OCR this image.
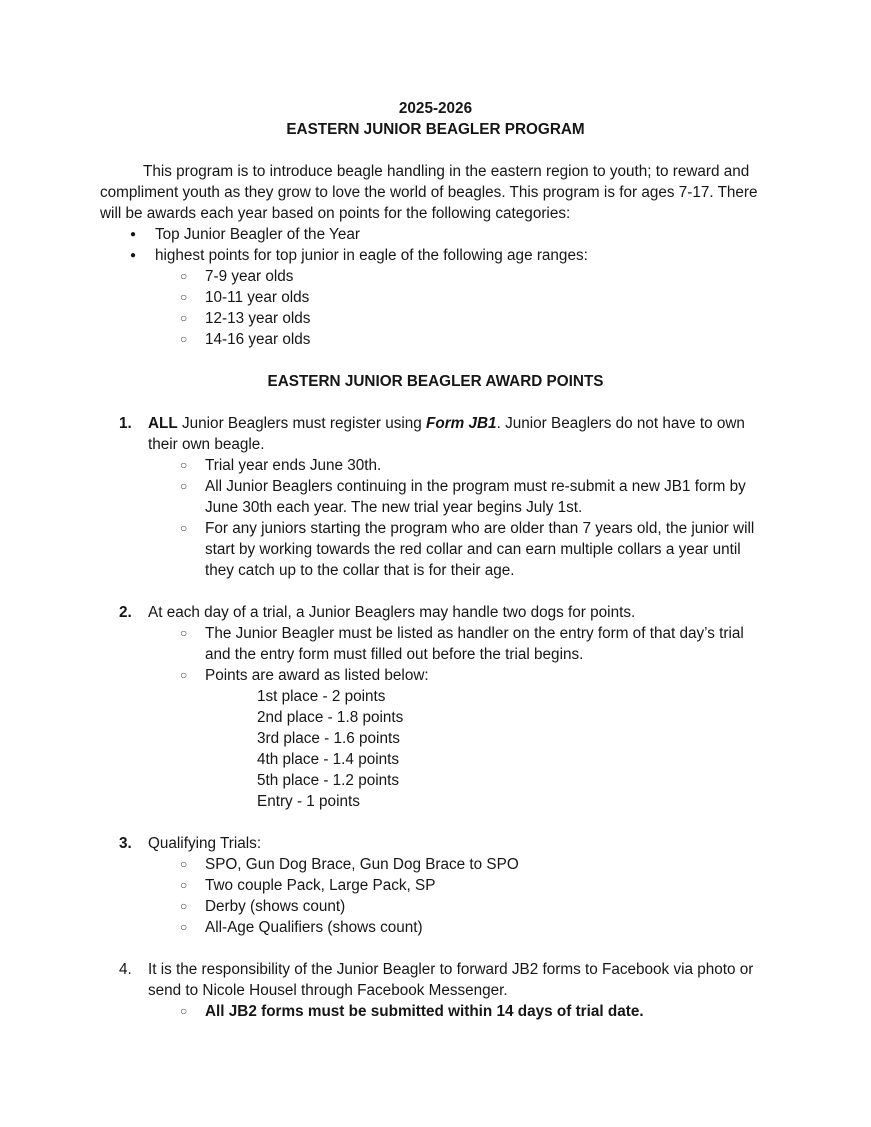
2025-2026
EASTERN JUNIOR BEAGLER PROGRAM
This program is to introduce beagle handling in the eastern region to youth; to reward and compliment youth as they grow to love the world of beagles. This program is for ages 7-17. There will be awards each year based on points for the following categories:
● Top Junior Beagler of the Year
● highest points for top junior in eagle of the following age ranges:
○ 7-9 year olds
○ 10-11 year olds
○ 12-13 year olds
○ 14-16 year olds
EASTERN JUNIOR BEAGLER AWARD POINTS
1. ALL Junior Beaglers must register using Form JB1. Junior Beaglers do not have to own their own beagle.
○ Trial year ends June 30th.
○ All Junior Beaglers continuing in the program must re-submit a new JB1 form by June 30th each year. The new trial year begins July 1st.
○ For any juniors starting the program who are older than 7 years old, the junior will start by working towards the red collar and can earn multiple collars a year until they catch up to the collar that is for their age.
2. At each day of a trial, a Junior Beaglers may handle two dogs for points.
○ The Junior Beagler must be listed as handler on the entry form of that day’s trial and the entry form must filled out before the trial begins.
○ Points are award as listed below:
1st place - 2 points
2nd place - 1.8 points
3rd place - 1.6 points
4th place - 1.4 points
5th place - 1.2 points
Entry - 1 points
3. Qualifying Trials:
○ SPO, Gun Dog Brace, Gun Dog Brace to SPO
○ Two couple Pack, Large Pack, SP
○ Derby (shows count)
○ All-Age Qualifiers (shows count)
4. It is the responsibility of the Junior Beagler to forward JB2 forms to Facebook via photo or send to Nicole Housel through Facebook Messenger.
○ All JB2 forms must be submitted within 14 days of trial date.
